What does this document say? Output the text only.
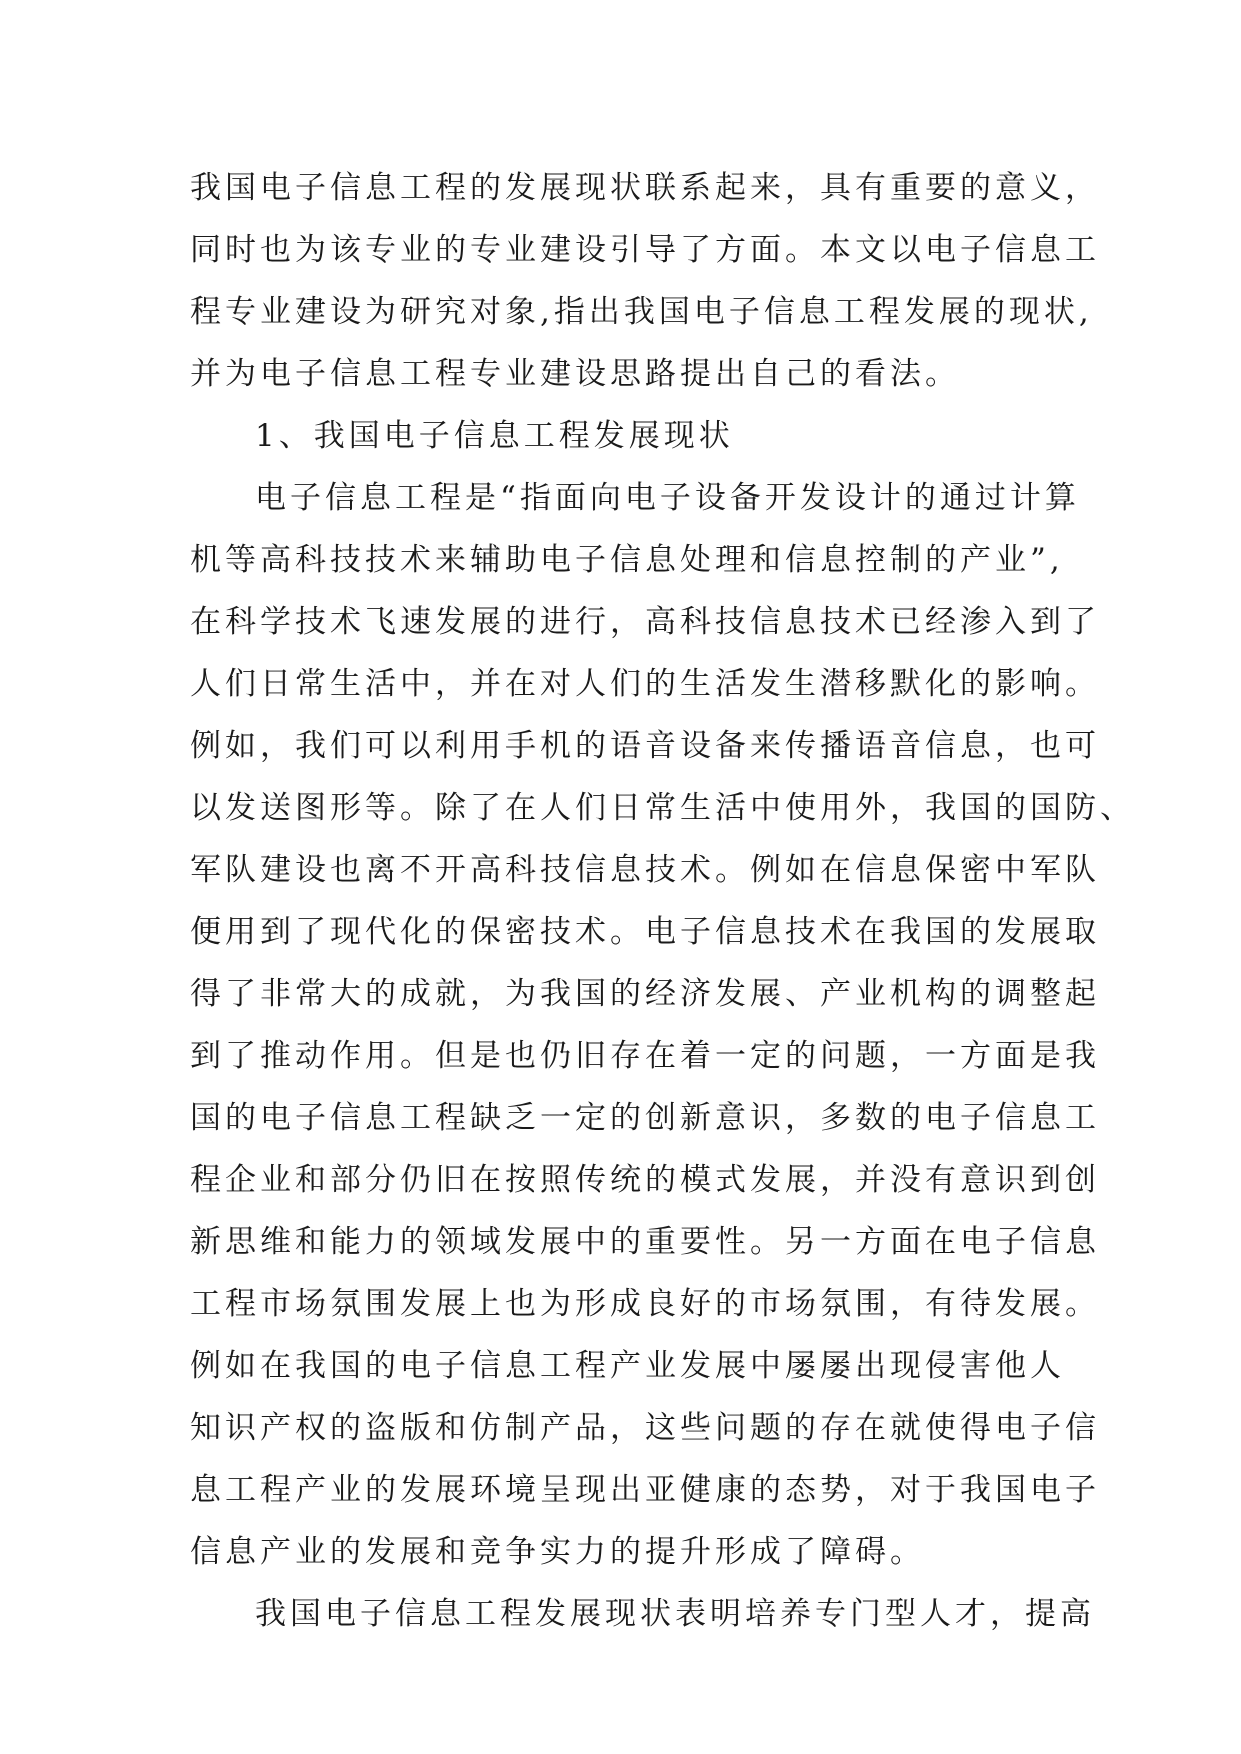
我国电子信息工程的发展现状联系起来，具有重要的意义，
同时也为该专业的专业建设引导了方面。本文以电子信息工
程专业建设为研究对象,指出我国电子信息工程发展的现状,
并为电子信息工程专业建设思路提出自己的看法。
1、我国电子信息工程发展现状
电子信息工程是“指面向电子设备开发设计的通过计算
机等高科技技术来辅助电子信息处理和信息控制的产业”,
在科学技术飞速发展的进行，高科技信息技术已经渗入到了
人们日常生活中，并在对人们的生活发生潜移默化的影响。
例如，我们可以利用手机的语音设备来传播语音信息，也可
以发送图形等。除了在人们日常生活中使用外，我国的国防、
军队建设也离不开高科技信息技术。例如在信息保密中军队
便用到了现代化的保密技术。电子信息技术在我国的发展取
得了非常大的成就，为我国的经济发展、产业机构的调整起
到了推动作用。但是也仍旧存在着一定的问题，一方面是我
国的电子信息工程缺乏一定的创新意识，多数的电子信息工
程企业和部分仍旧在按照传统的模式发展，并没有意识到创
新思维和能力的领域发展中的重要性。另一方面在电子信息
工程市场氛围发展上也为形成良好的市场氛围，有待发展。
例如在我国的电子信息工程产业发展中屡屡出现侵害他人
知识产权的盗版和仿制产品，这些问题的存在就使得电子信
息工程产业的发展环境呈现出亚健康的态势，对于我国电子
信息产业的发展和竞争实力的提升形成了障碍。
我国电子信息工程发展现状表明培养专门型人才，提高
